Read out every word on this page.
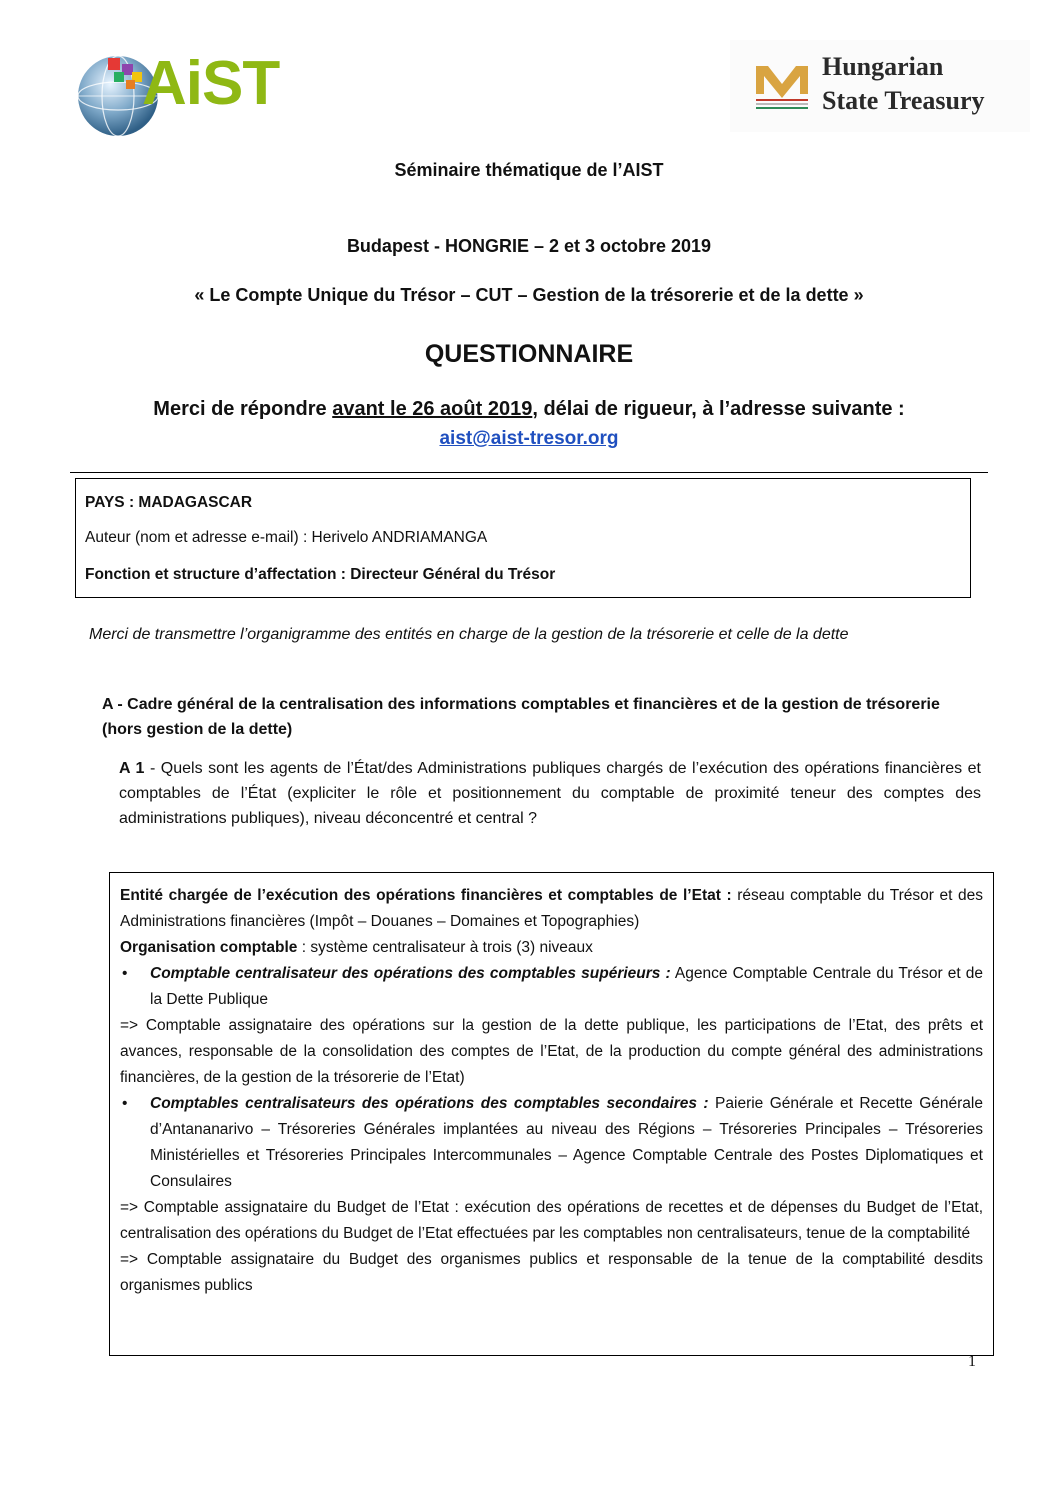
AiST	Hungarian
State Treasury
Séminaire thématique de l’AIST
Budapest - HONGRIE – 2 et 3 octobre 2019
« Le Compte Unique du Trésor – CUT – Gestion de la trésorerie et de la dette »
QUESTIONNAIRE
Merci de répondre avant le 26 août 2019, délai de rigueur, à l’adresse suivante :
aist@aist-tresor.org
PAYS : MADAGASCAR
Auteur (nom et adresse e-mail) : Herivelo ANDRIAMANGA
Fonction et structure d’affectation : Directeur Général du Trésor
Merci de transmettre l’organigramme des entités en charge de la gestion de la trésorerie et celle de la dette
A - Cadre général de la centralisation des informations comptables et financières et de la gestion de trésorerie (hors gestion de la dette)
A 1 - Quels sont les agents de l’État/des Administrations publiques chargés de l’exécution des opérations financières et comptables de l’État (expliciter le rôle et positionnement du comptable de proximité teneur des comptes des administrations publiques), niveau déconcentré et central ?

Entité chargée de l’exécution des opérations financières et comptables de l’Etat : réseau comptable du Trésor et des Administrations financières (Impôt – Douanes – Domaines et Topographies)

Organisation comptable : système centralisateur à trois (3) niveaux

• Comptable centralisateur des opérations des comptables supérieurs : Agence Comptable Centrale du Trésor et de la Dette Publique

=> Comptable assignataire des opérations sur la gestion de la dette publique, les participations de l’Etat, des prêts et avances, responsable de la consolidation des comptes de l’Etat, de la production du compte général des administrations financières, de la gestion de la trésorerie de l’Etat)

• Comptables centralisateurs des opérations des comptables secondaires : Paierie Générale et Recette Générale d’Antananarivo – Trésoreries Générales implantées au niveau des Régions – Trésoreries Principales – Trésoreries Ministérielles et Trésoreries Principales Intercommunales – Agence Comptable Centrale des Postes Diplomatiques et Consulaires

=> Comptable assignataire du Budget de l’Etat : exécution des opérations de recettes et de dépenses du Budget de l’Etat, centralisation des opérations du Budget de l’Etat effectuées par les comptables non centralisateurs, tenue de la comptabilité

=> Comptable assignataire du Budget des organismes publics et responsable de la tenue de la comptabilité desdits organismes publics

1
